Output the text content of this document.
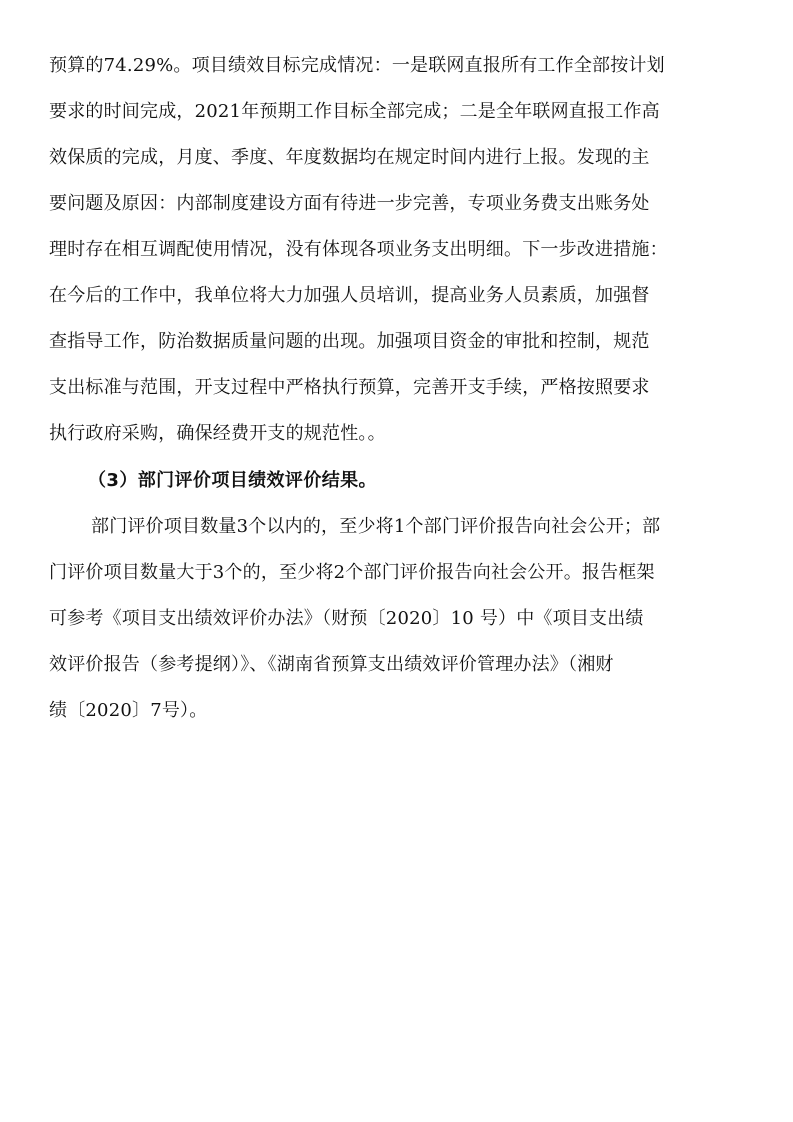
预算的74.29%。项目绩效目标完成情况：一是联网直报所有工作全部按计划
要求的时间完成，2021年预期工作目标全部完成；二是全年联网直报工作高
效保质的完成，月度、季度、年度数据均在规定时间内进行上报。发现的主
要问题及原因：内部制度建设方面有待进一步完善，专项业务费支出账务处
理时存在相互调配使用情况，没有体现各项业务支出明细。下一步改进措施：
在今后的工作中，我单位将大力加强人员培训，提高业务人员素质，加强督
查指导工作，防治数据质量问题的出现。加强项目资金的审批和控制，规范
支出标准与范围，开支过程中严格执行预算，完善开支手续，严格按照要求
执行政府采购，确保经费开支的规范性。。
（3）部门评价项目绩效评价结果。
部门评价项目数量3个以内的，至少将1个部门评价报告向社会公开；部
门评价项目数量大于3个的，至少将2个部门评价报告向社会公开。报告框架
可参考《项目支出绩效评价办法》（财预〔2020〕10 号）中《项目支出绩
效评价报告（参考提纲）》、《湖南省预算支出绩效评价管理办法》（湘财
绩〔2020〕7号）。
